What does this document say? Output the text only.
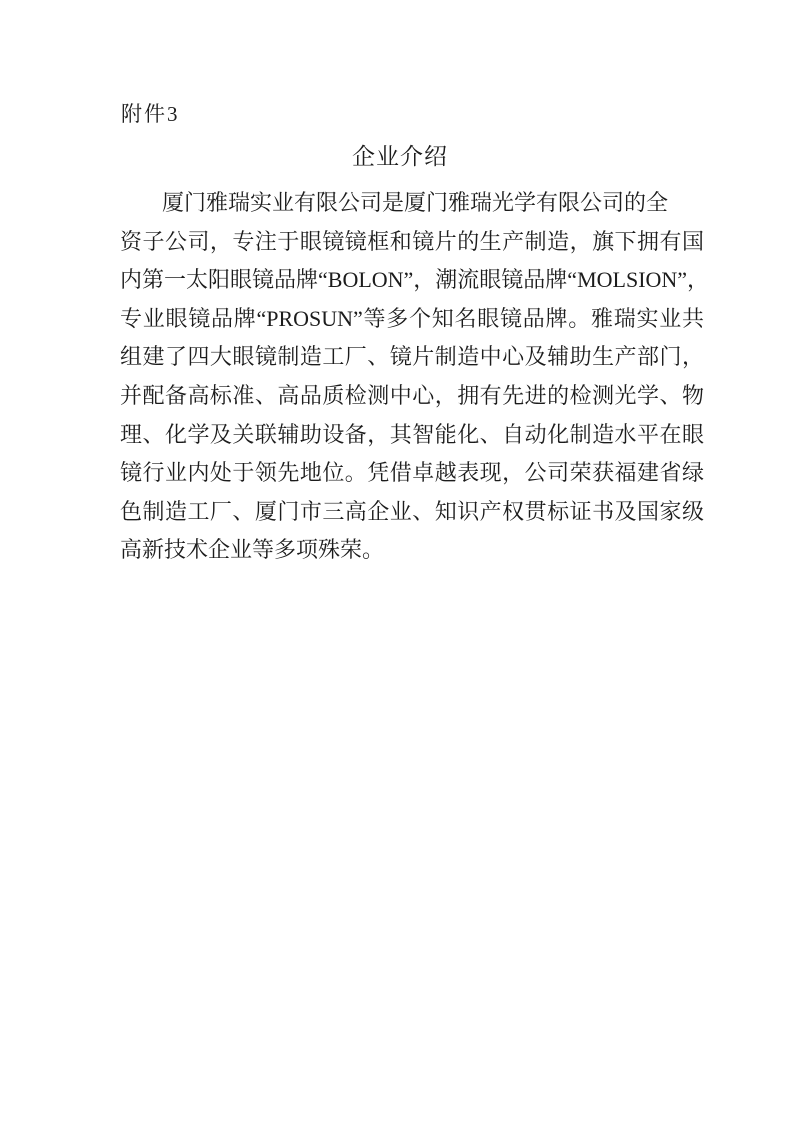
附件3
企业介绍
厦门雅瑞实业有限公司是厦门雅瑞光学有限公司的全
资子公司，专注于眼镜镜框和镜片的生产制造，旗下拥有国
内第一太阳眼镜品牌“BOLON”，潮流眼镜品牌“MOLSION”，
专业眼镜品牌“PROSUN”等多个知名眼镜品牌。雅瑞实业共
组建了四大眼镜制造工厂、镜片制造中心及辅助生产部门，
并配备高标准、高品质检测中心，拥有先进的检测光学、物
理、化学及关联辅助设备，其智能化、自动化制造水平在眼
镜行业内处于领先地位。凭借卓越表现，公司荣获福建省绿
色制造工厂、厦门市三高企业、知识产权贯标证书及国家级
高新技术企业等多项殊荣。
